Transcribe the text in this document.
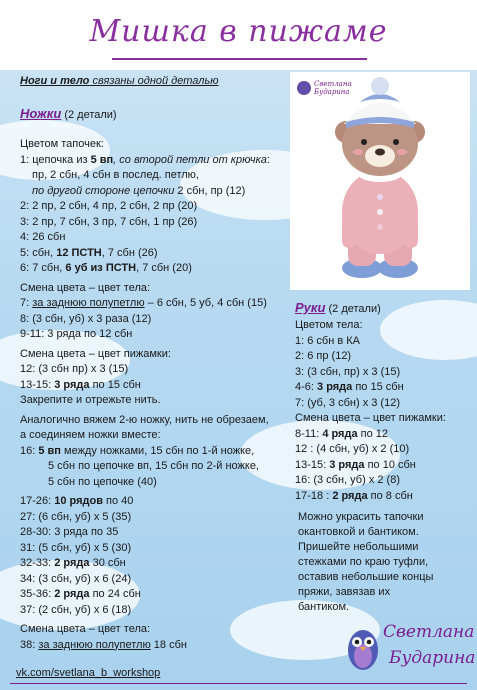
Мишка в пижаме
Ноги и тело связаны одной деталью
Ножки (2 детали)
Цветом тапочек:
1: цепочка из 5 вп, со второй петли от крючка:
пр, 2 сбн, 4 сбн в послед. петлю,
по другой стороне цепочки 2 сбн, пр (12)
2: 2 пр, 2 сбн, 4 пр, 2 сбн, 2 пр (20)
3: 2 пр, 7 сбн, 3 пр, 7 сбн, 1 пр (26)
4: 26 сбн
5: сбн, 12 ПСТН, 7 сбн (26)
6: 7 сбн, 6 уб из ПСТН, 7 сбн (20)
Смена цвета – цвет тела:
7: за заднюю полупетлю – 6 сбн, 5 уб, 4 сбн (15)
8: (3 сбн, уб) х 3 раза (12)
9-11: 3 ряда по 12 сбн
Смена цвета – цвет пижамки:
12: (3 сбн пр) х 3 (15)
13-15: 3 ряда по 15 сбн
Закрепите и отрежьте нить.
Аналогично вяжем 2-ю ножку, нить не обрезаем,
а соединяем ножки вместе:
16: 5 вп между ножками, 15 сбн по 1-й ножке,
5 сбн по цепочке вп, 15 сбн по 2-й ножке,
5 сбн по цепочке (40)
17-26: 10 рядов по 40
27: (6 сбн, уб) х 5 (35)
28-30: 3 ряда по 35
31: (5 сбн, уб) х 5 (30)
32-33: 2 ряда 30 сбн
34: (3 сбн, уб) х 6 (24)
35-36: 2 ряда по 24 сбн
37: (2 сбн, уб) х 6 (18)
Смена цвета – цвет тела:
38: за заднюю полупетлю 18 сбн
Светлана
Бударина
Руки (2 детали)
Цветом тела:
1: 6 сбн в КА
2: 6 пр (12)
3: (3 сбн, пр) х 3 (15)
4-6: 3 ряда по 15 сбн
7: (уб, 3 сбн) х 3 (12)
Смена цвета – цвет пижамки:
8-11: 4 ряда по 12
12 : (4 сбн, уб) х 2 (10)
13-15: 3 ряда по 10 сбн
16: (3 сбн, уб) х 2 (8)
17-18 : 2 ряда по 8 сбн
Можно украсить тапочки
окантовкой и бантиком.
Пришейте небольшими
стежками по краю туфли,
оставив небольшие концы
пряжи, завязав их
бантиком.
Светлана
Бударина
vk.com/svetlana_b_workshop
